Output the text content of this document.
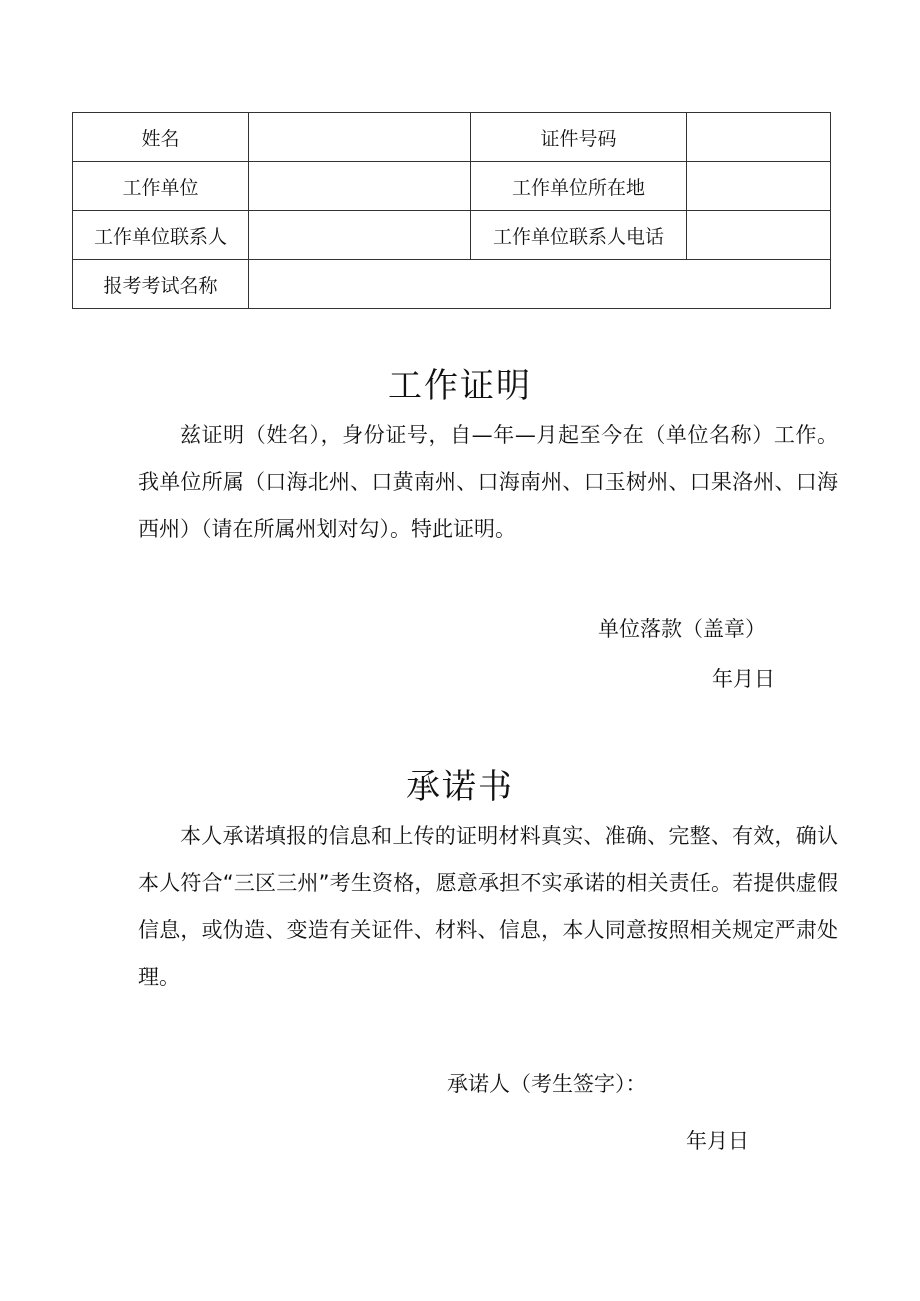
姓名		证件号码	
工作单位		工作单位所在地	
工作单位联系人		工作单位联系人电话	
报考考试名称			
工作证明

兹证明（姓名），身份证号，自—年—月起至今在（单位名称）工作。我单位所属（口海北州、口黄南州、口海南州、口玉树州、口果洛州、口海西州）（请在所属州划对勾）。特此证明。

单位落款（盖章）

年月日

承诺书

本人承诺填报的信息和上传的证明材料真实、准确、完整、有效，确认本人符合“三区三州”考生资格，愿意承担不实承诺的相关责任。若提供虚假信息，或伪造、变造有关证件、材料、信息，本人同意按照相关规定严肃处理。

承诺人（考生签字）：

年月日
